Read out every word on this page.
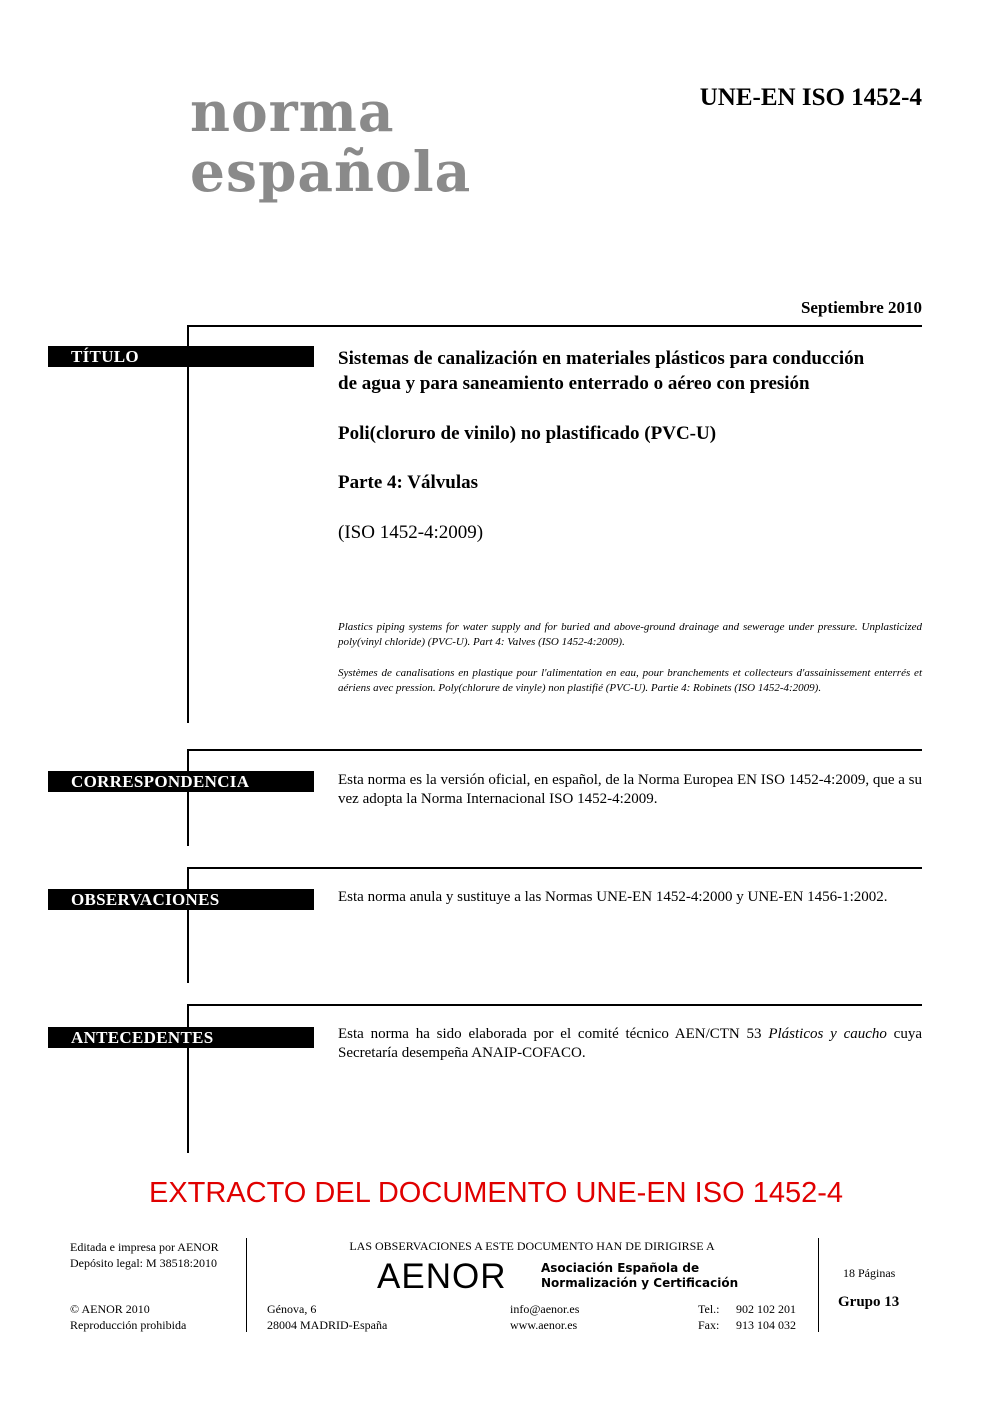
norma
española
UNE-EN ISO 1452-4
Septiembre 2010
TÍTULO	Sistemas de canalización en materiales plásticos para conducción
de agua y para saneamiento enterrado o aéreo con presión
Poli(cloruro de vinilo) no plastificado (PVC-U)
Parte 4: Válvulas
(ISO 1452-4:2009)
Plastics piping systems for water supply and for buried and above-ground drainage and sewerage under pressure. Unplasticized poly(vinyl chloride) (PVC-U). Part 4: Valves (ISO 1452-4:2009).
Systèmes de canalisations en plastique pour l'alimentation en eau, pour branchements et collecteurs d'assainissement enterrés et aériens avec pression. Poly(chlorure de vinyle) non plastifié (PVC-U). Partie 4: Robinets (ISO 1452-4:2009).
CORRESPONDENCIA	Esta norma es la versión oficial, en español, de la Norma Europea EN ISO 1452-4:2009, que a su vez adopta la Norma Internacional ISO 1452-4:2009.
OBSERVACIONES	Esta norma anula y sustituye a las Normas UNE-EN 1452-4:2000 y UNE-EN 1456-1:2002.
ANTECEDENTES	Esta norma ha sido elaborada por el comité técnico AEN/CTN 53 Plásticos y caucho cuya Secretaría desempeña ANAIP-COFACO.
EXTRACTO DEL DOCUMENTO UNE-EN ISO 1452-4
Editada e impresa por AENOR
Depósito legal: M 38518:2010
© AENOR 2010
Reproducción prohibida
LAS OBSERVACIONES A ESTE DOCUMENTO HAN DE DIRIGIRSE A
AENOR	Asociación Española de
Normalización y Certificación
Génova, 6
28004 MADRID-España
info@aenor.es
www.aenor.es
Tel.: 902 102 201
Fax: 913 104 032
18 Páginas
Grupo 13
